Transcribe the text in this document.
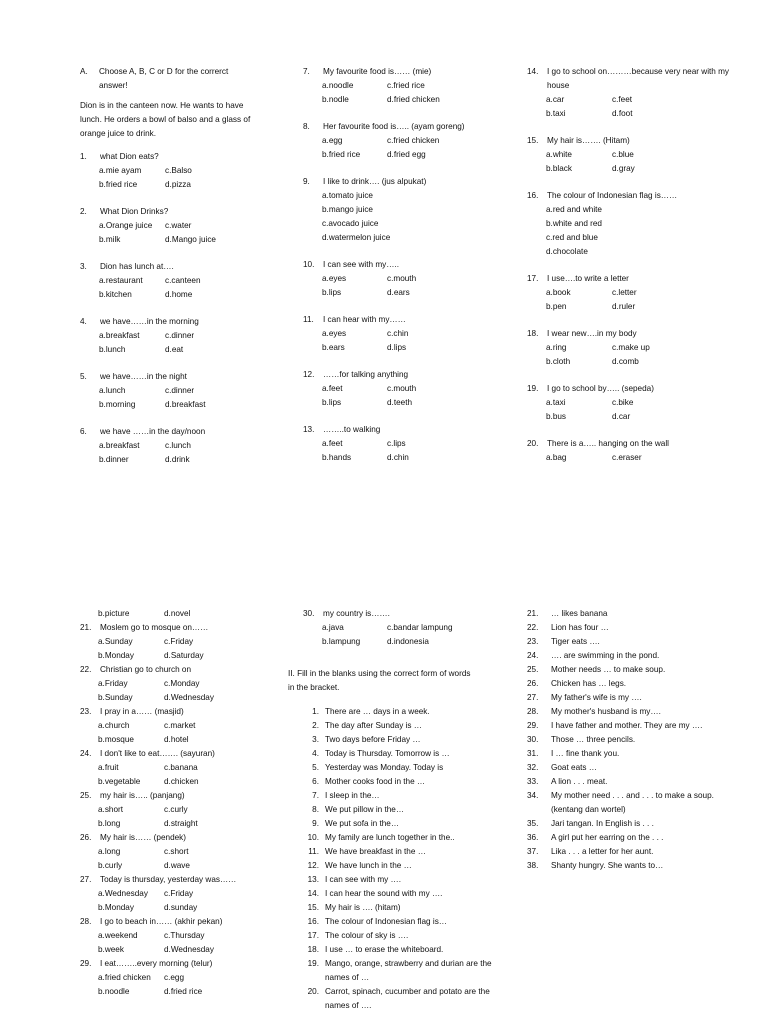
A.	Choose A, B, C or D for the correrct answer!
Dion is in the canteen now. He wants to have lunch. He orders a bowl of balso and a glass of orange juice to drink.
1.	what Dion eats?
a.mie ayam	c.Balso
b.fried rice	d.pizza
2.	What Dion Drinks?
a.Orange juice	c.water
b.milk	d.Mango juice
3.	Dion has lunch at….
a.restaurant	c.canteen
b.kitchen	d.home
4.	we have……in the morning
a.breakfast	c.dinner
b.lunch	d.eat
5.	we have……in the night
a.lunch	c.dinner
b.morning	d.breakfast
6.	we have ……in the day/noon
a.breakfast	c.lunch
b.dinner	d.drink
7.	My favourite food is…… (mie)
a.noodle	c.fried rice
b.nodle	d.fried chicken
8.	Her favourite food is….. (ayam goreng)
a.egg	c.fried chicken
b.fried rice	d.fried egg
9.	I like to drink…. (jus alpukat)
a.tomato juice
b.mango juice
c.avocado juice
d.watermelon juice
10.	I can see with my…..
a.eyes	c.mouth
b.lips	d.ears
11.	I can hear with my……
a.eyes	c.chin
b.ears	d.lips
12.	……for talking anything
a.feet	c.mouth
b.lips	d.teeth
13.	……..to walking
a.feet	c.lips
b.hands	d.chin
14.	I go to school on………because very near with my house
a.car	c.feet
b.taxi	d.foot
15.	My hair is……. (Hitam)
a.white	c.blue
b.black	d.gray
16.	The colour of Indonesian flag is……
a.red and white
b.white and red
c.red and blue
d.chocolate
17.	I use….to write a letter
a.book	c.letter
b.pen	d.ruler
18.	I wear new….in my body
a.ring	c.make up
b.cloth	d.comb
19.	I go to school by….. (sepeda)
a.taxi	c.bike
b.bus	d.car
20.	There is a….. hanging on the wall
a.bag	c.eraser
b.picture	d.novel
21.	Moslem go to mosque on……
a.Sunday	c.Friday
b.Monday	d.Saturday
22.	Christian go to church on
a.Friday	c.Monday
b.Sunday	d.Wednesday
23.	I pray in a…… (masjid)
a.church	c.market
b.mosque	d.hotel
24.	I don't like to eat……. (sayuran)
a.fruit	c.banana
b.vegetable	d.chicken
25.	my hair is….. (panjang)
a.short	c.curly
b.long	d.straight
26.	My hair is…… (pendek)
a.long	c.short
b.curly	d.wave
27.	Today is thursday, yesterday was……
a.Wednesday	c.Friday
b.Monday	d.sunday
28.	I go to beach in…… (akhir pekan)
a.weekend	c.Thursday
b.week	d.Wednesday
29.	I eat……..every morning (telur)
a.fried chicken	c.egg
b.noodle	d.fried rice
30.	my country is…….
a.java	c.bandar lampung
b.lampung	d.indonesia
II. Fill in the blanks using the correct form of words in the bracket.
1. There are … days in a week.
2. The day after Sunday is …
3. Two days before Friday …
4. Today is Thursday. Tomorrow is …
5. Yesterday was Monday. Today is
6. Mother cooks food in the …
7. I sleep in the…
8. We put pillow in the…
9. We put sofa in the…
10. My family are lunch together in the..
11. We have breakfast in the …
12. We have lunch in the …
13. I can see with my ….
14. I can hear the sound with my ….
15. My hair is …. (hitam)
16. The colour of Indonesian flag is…
17. The colour of sky is ….
18. I use … to erase the whiteboard.
19. Mango, orange, strawberry and durian are the names of …
20. Carrot, spinach, cucumber and potato are the names of ….
21.	… likes banana
22.	Lion has four …
23.	Tiger eats ….
24.	…. are swimming in the pond.
25.	Mother needs … to make soup.
26.	Chicken has … legs.
27.	My father's wife is my ….
28.	My mother's husband is my….
29.	I have father and mother. They are my ….
30.	Those … three pencils.
31.	I … fine thank you.
32.	Goat eats …
33.	A lion . . . meat.
34.	My mother need . . . and . . . to make a soup. (kentang dan wortel)
35.	Jari tangan. In English is . . .
36.	A girl put her earring on the . . .
37.	Lika . . . a letter for her aunt.
38.	Shanty hungry. She wants to…
